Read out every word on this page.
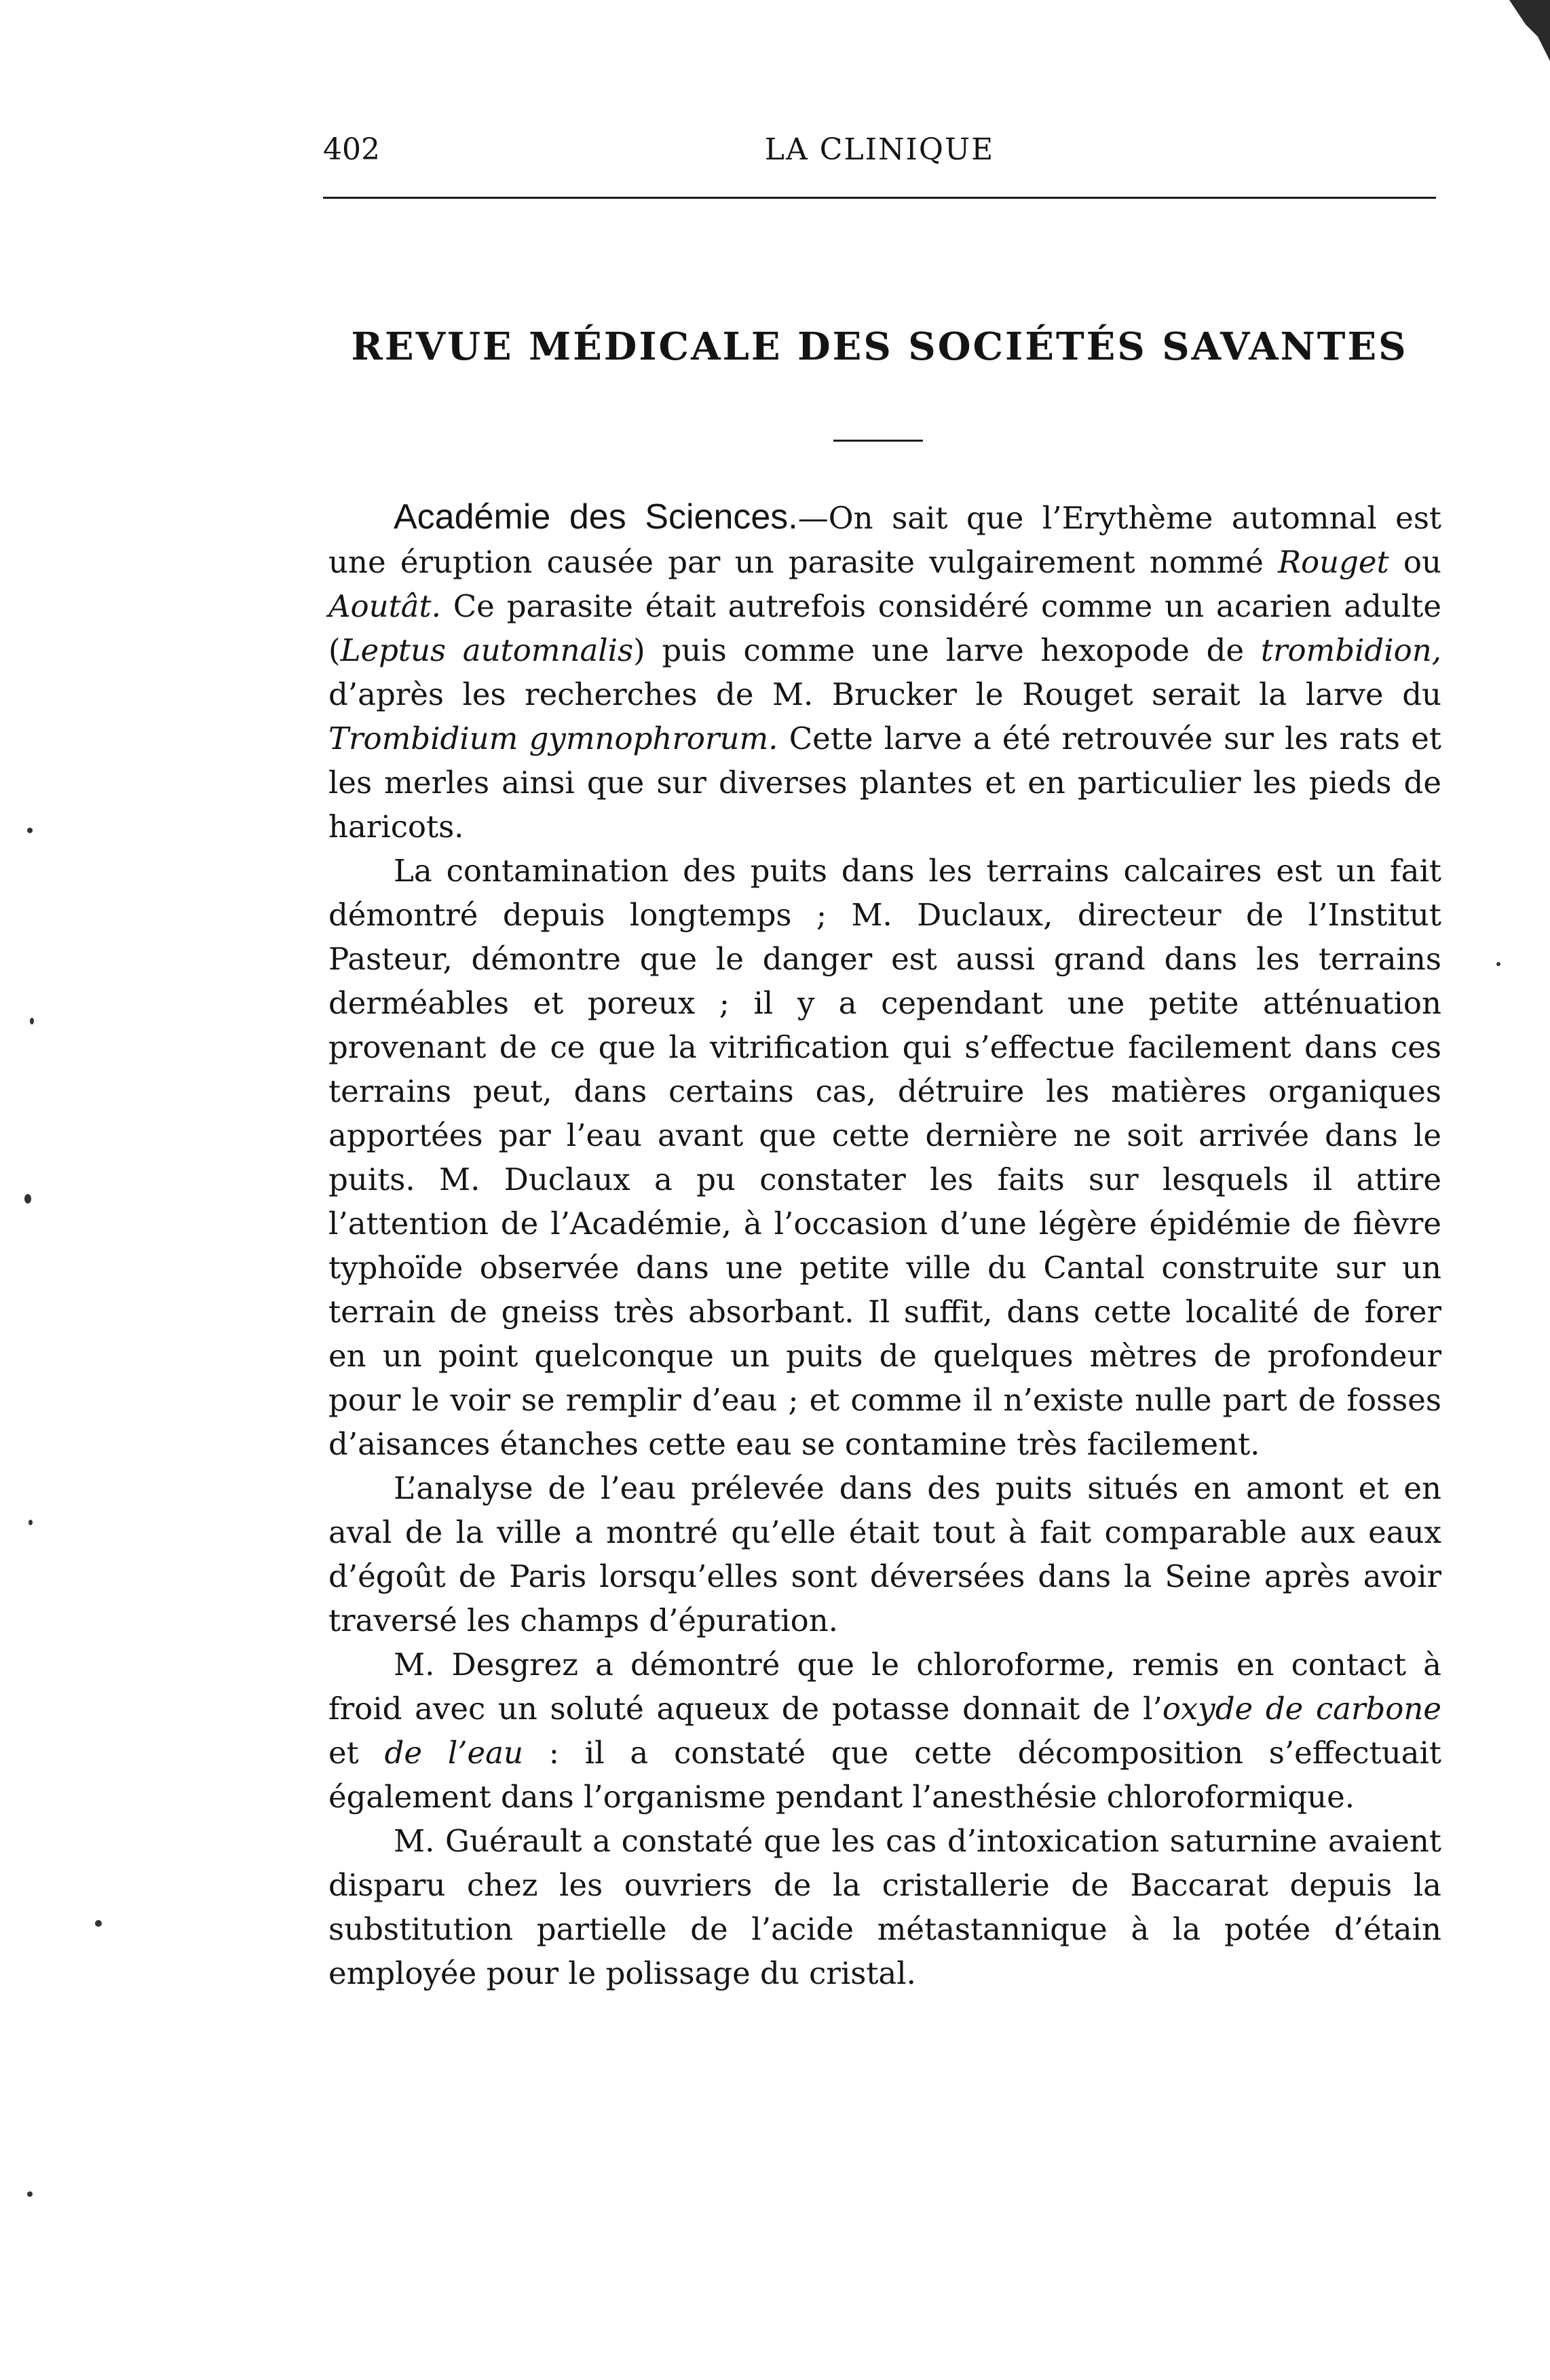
402	LA CLINIQUE
REVUE MÉDICALE DES SOCIÉTÉS SAVANTES

Académie des Sciences.—On sait que l’Erythème automnal est une éruption causée par un parasite vulgairement nommé Rouget ou Aoutât. Ce parasite était autrefois considéré comme un acarien adulte (Leptus automnalis) puis comme une larve hexopode de trombidion, d’après les recherches de M. Brucker le Rouget serait la larve du Trombidium gymnophrorum. Cette larve a été retrouvée sur les rats et les merles ainsi que sur diverses plantes et en particulier les pieds de haricots.

La contamination des puits dans les terrains calcaires est un fait démontré depuis longtemps ; M. Duclaux, directeur de l’Institut Pasteur, démontre que le danger est aussi grand dans les terrains derméables et poreux ; il y a cependant une petite atténuation provenant de ce que la vitrification qui s’effectue facilement dans ces terrains peut, dans certains cas, détruire les matières organiques apportées par l’eau avant que cette dernière ne soit arrivée dans le puits. M. Duclaux a pu constater les faits sur lesquels il attire l’attention de l’Académie, à l’occasion d’une légère épidémie de fièvre typhoïde observée dans une petite ville du Cantal construite sur un terrain de gneiss très absorbant. Il suffit, dans cette localité de forer en un point quelconque un puits de quelques mètres de profondeur pour le voir se remplir d’eau ; et comme il n’existe nulle part de fosses d’aisances étanches cette eau se contamine très facilement.

L’analyse de l’eau prélevée dans des puits situés en amont et en aval de la ville a montré qu’elle était tout à fait comparable aux eaux d’égoût de Paris lorsqu’elles sont déversées dans la Seine après avoir traversé les champs d’épuration.

M. Desgrez a démontré que le chloroforme, remis en contact à froid avec un soluté aqueux de potasse donnait de l’oxyde de carbone et de l’eau : il a constaté que cette décomposition s’effectuait également dans l’organisme pendant l’anesthésie chloroformique.

M. Guérault a constaté que les cas d’intoxication saturnine avaient disparu chez les ouvriers de la cristallerie de Baccarat depuis la substitution partielle de l’acide métastannique à la potée d’étain employée pour le polissage du cristal.
